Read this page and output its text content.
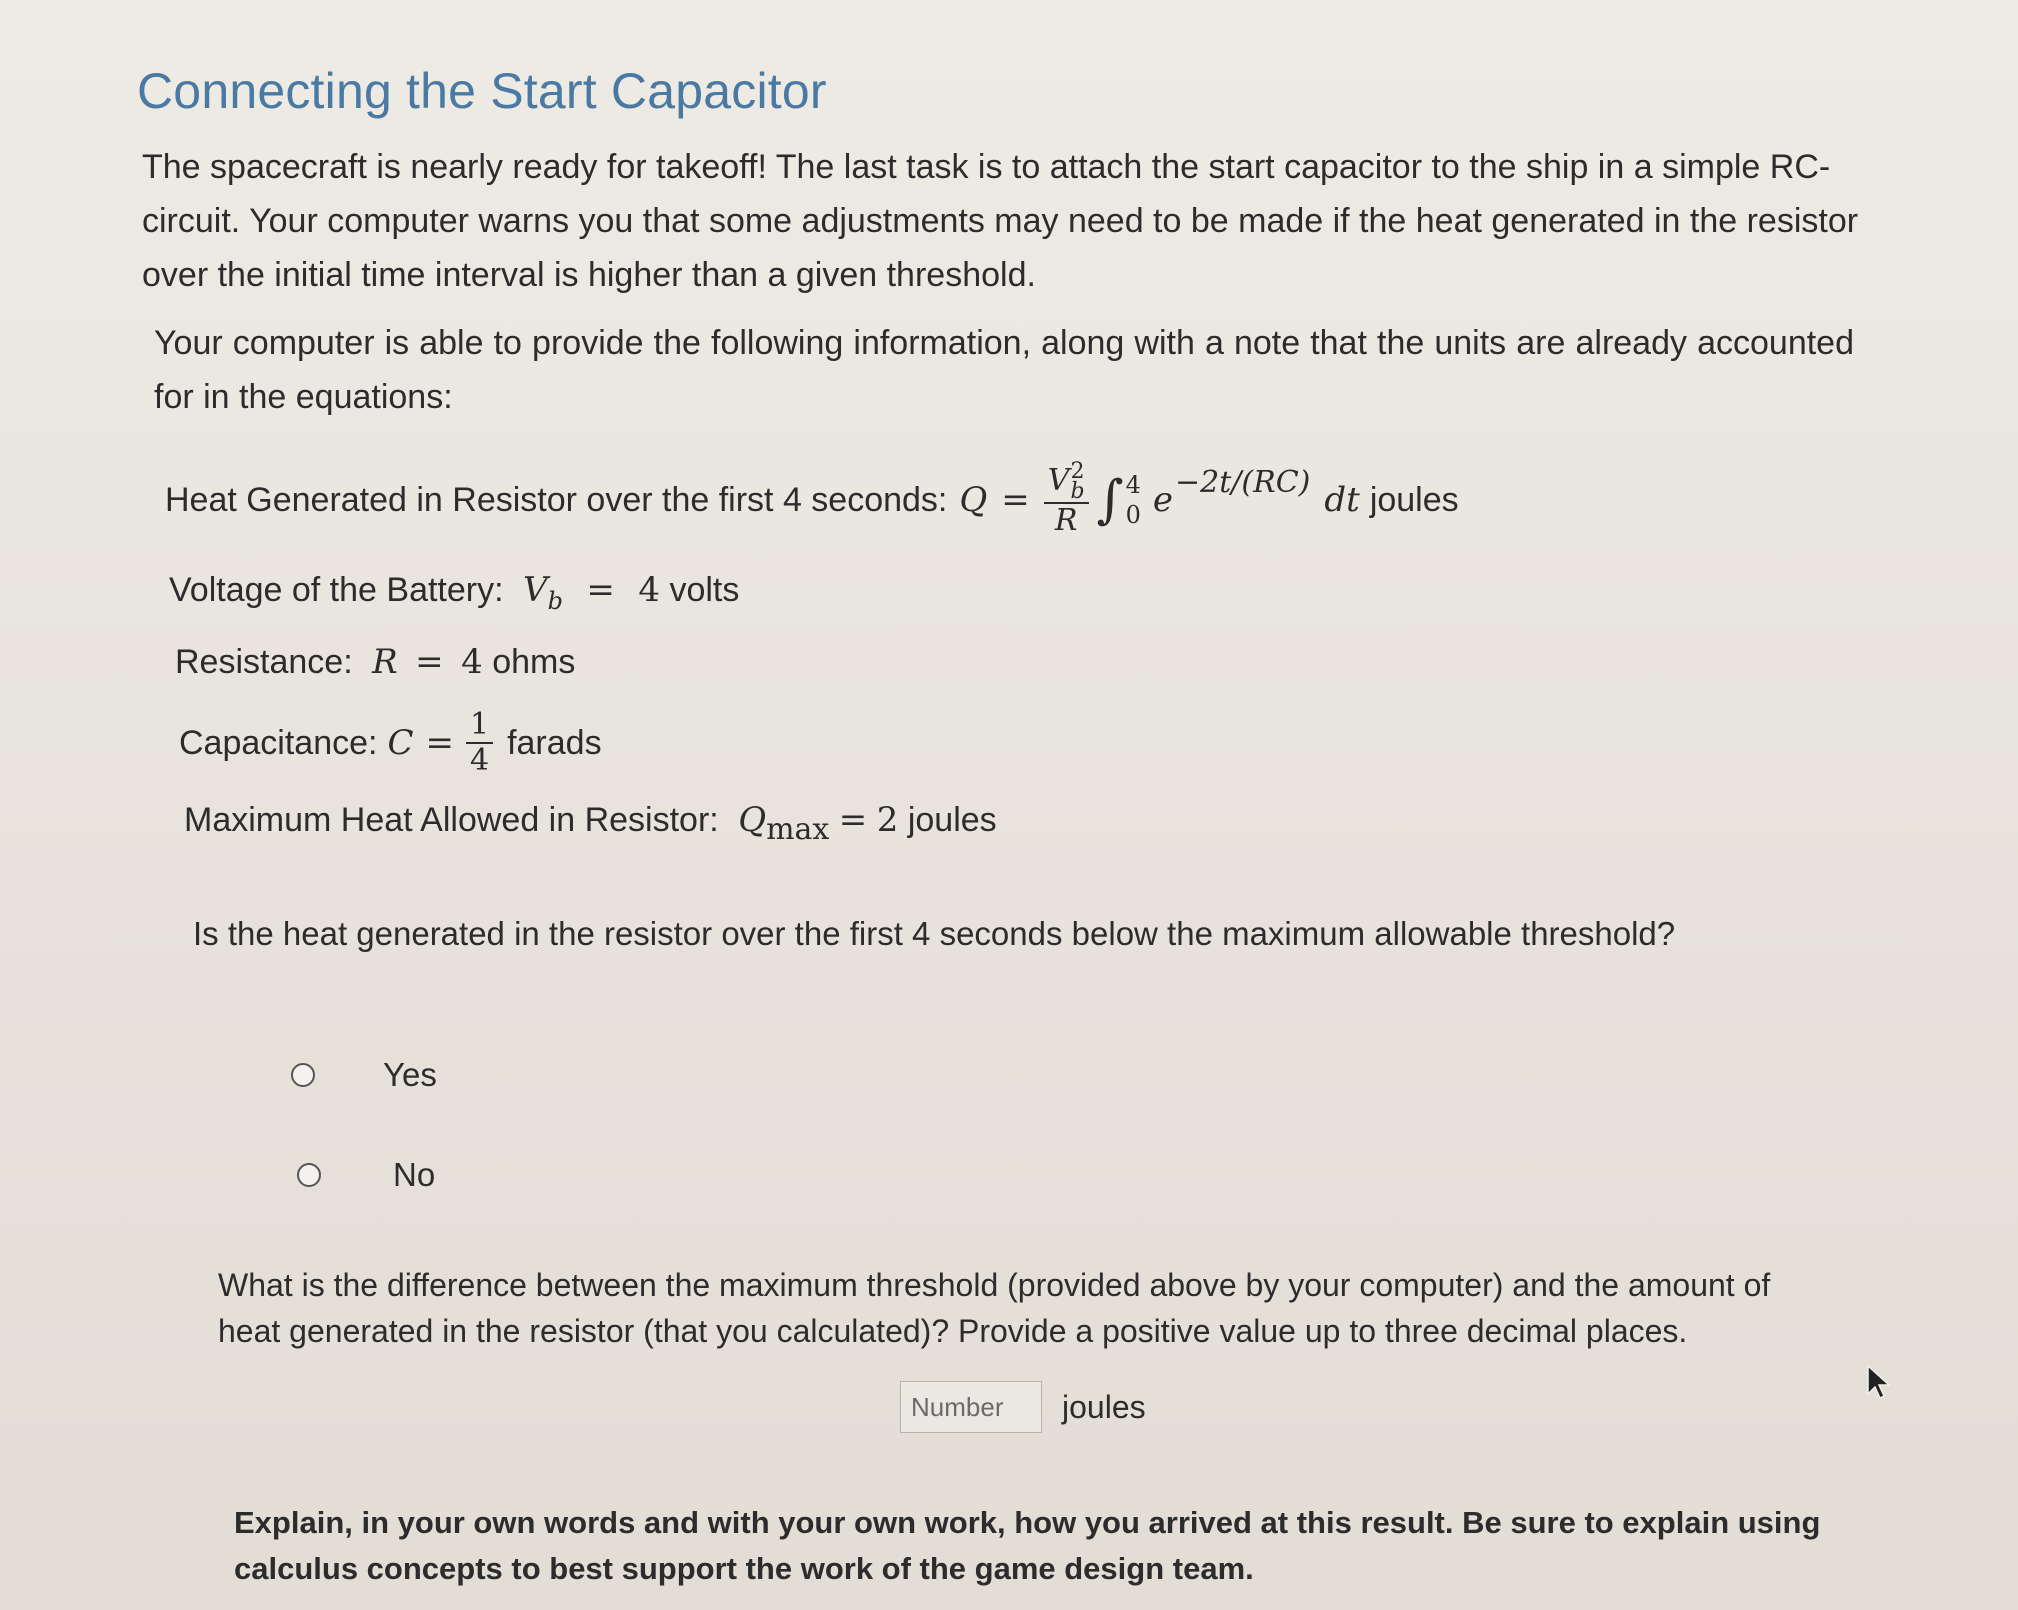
Connecting the Start Capacitor
The spacecraft is nearly ready for takeoff! The last task is to attach the start capacitor to the ship in a simple RC-circuit. Your computer warns you that some adjustments may need to be made if the heat generated in the resistor over the initial time interval is higher than a given threshold.
Your computer is able to provide the following information, along with a note that the units are already accounted for in the equations:
Heat Generated in Resistor over the first 4 seconds: Q = V 2
b
R ∫ 4
0 e −2t/(RC) dt joules
Voltage of the Battery: $V_b = 4$ volts
Resistance: R = 4 ohms
Capacitance: $C = \frac{1}{4}$ farads
Maximum Heat Allowed in Resistor: $Q_{max} = 2$ joules
Is the heat generated in the resistor over the first 4 seconds below the maximum allowable threshold?
Yes
No
What is the difference between the maximum threshold (provided above by your computer) and the amount of heat generated in the resistor (that you calculated)? Provide a positive value up to three decimal places.
Number
joules
Explain, in your own words and with your own work, how you arrived at this result. Be sure to explain using calculus concepts to best support the work of the game design team.
